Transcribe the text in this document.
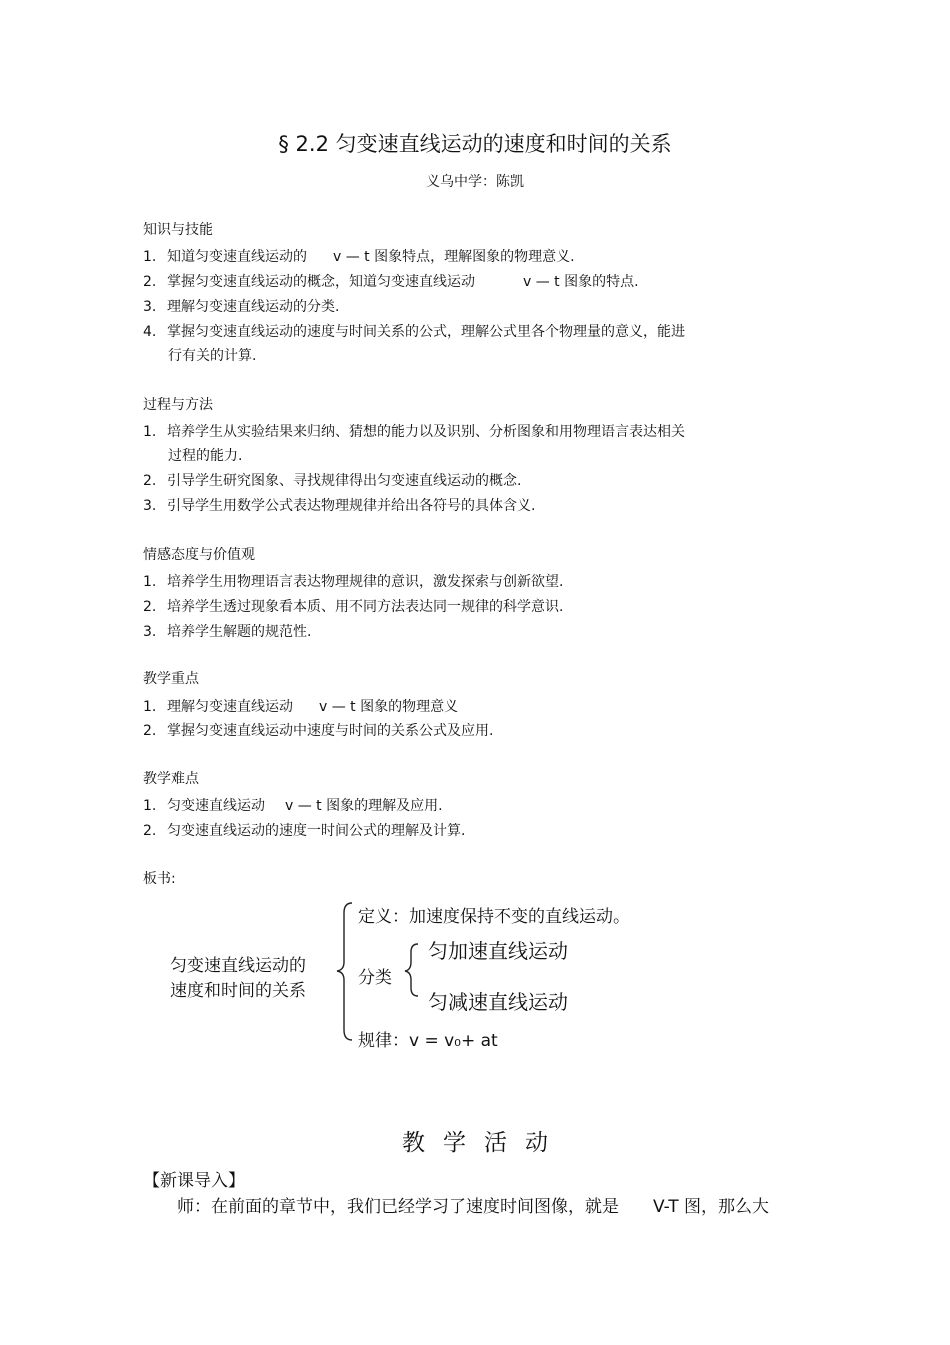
§ 2.2 匀变速直线运动的速度和时间的关系
义乌中学：陈凯
知识与技能
1. 知道匀变速直线运动的 v — t 图象特点，理解图象的物理意义.
2. 掌握匀变速直线运动的概念，知道匀变速直线运动	v — t 图象的特点.
3. 理解匀变速直线运动的分类.
4. 掌握匀变速直线运动的速度与时间关系的公式，理解公式里各个物理量的意义，能进
行有关的计算.
过程与方法
1. 培养学生从实验结果来归纳、猜想的能力以及识别、分析图象和用物理语言表达相关
过程的能力.
2. 引导学生研究图象、寻找规律得出匀变速直线运动的概念.
3. 引导学生用数学公式表达物理规律并给出各符号的具体含义.
情感态度与价值观
1. 培养学生用物理语言表达物理规律的意识，激发探索与创新欲望.
2. 培养学生透过现象看本质、用不同方法表达同一规律的科学意识.
3. 培养学生解题的规范性.
教学重点
1. 理解匀变速直线运动 v — t 图象的物理意义
2. 掌握匀变速直线运动中速度与时间的关系公式及应用.
教学难点
1. 匀变速直线运动 v — t 图象的理解及应用.
2. 匀变速直线运动的速度一时间公式的理解及计算.
板书:
匀变速直线运动的
速度和时间的关系
定义：加速度保持不变的直线运动。
分类
匀加速直线运动
匀减速直线运动
规律：v = v₀+ at
教学活动
【新课导入】
师：在前面的章节中，我们已经学习了速度时间图像，就是 V-T 图，那么大
